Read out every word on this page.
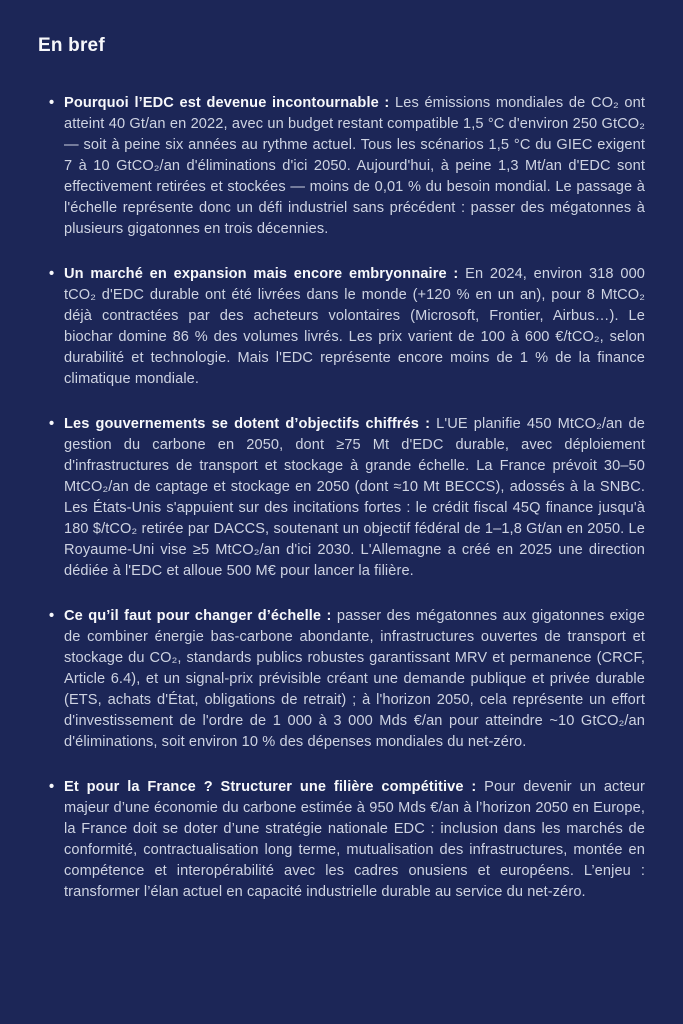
En bref
• Pourquoi l’EDC est devenue incontournable : Les émissions mondiales de CO₂ ont atteint 40 Gt/an en 2022, avec un budget restant compatible 1,5 °C d'environ 250 GtCO₂ — soit à peine six années au rythme actuel. Tous les scénarios 1,5 °C du GIEC exigent 7 à 10 GtCO₂/an d'éliminations d'ici 2050. Aujourd'hui, à peine 1,3 Mt/an d'EDC sont effectivement retirées et stockées — moins de 0,01 % du besoin mondial. Le passage à l'échelle représente donc un défi industriel sans précédent : passer des mégatonnes à plusieurs gigatonnes en trois décennies.
• Un marché en expansion mais encore embryonnaire : En 2024, environ 318 000 tCO₂ d'EDC durable ont été livrées dans le monde (+120 % en un an), pour 8 MtCO₂ déjà contractées par des acheteurs volontaires (Microsoft, Frontier, Airbus…). Le biochar domine 86 % des volumes livrés. Les prix varient de 100 à 600 €/tCO₂, selon durabilité et technologie. Mais l'EDC représente encore moins de 1 % de la finance climatique mondiale.
• Les gouvernements se dotent d’objectifs chiffrés : L'UE planifie 450 MtCO₂/an de gestion du carbone en 2050, dont ≥75 Mt d'EDC durable, avec déploiement d'infrastructures de transport et stockage à grande échelle. La France prévoit 30–50 MtCO₂/an de captage et stockage en 2050 (dont ≈10 Mt BECCS), adossés à la SNBC. Les États-Unis s'appuient sur des incitations fortes : le crédit fiscal 45Q finance jusqu'à 180 $/tCO₂ retirée par DACCS, soutenant un objectif fédéral de 1–1,8 Gt/an en 2050. Le Royaume-Uni vise ≥5 MtCO₂/an d'ici 2030. L'Allemagne a créé en 2025 une direction dédiée à l'EDC et alloue 500 M€ pour lancer la filière.
• Ce qu’il faut pour changer d’échelle : passer des mégatonnes aux gigatonnes exige de combiner énergie bas-carbone abondante, infrastructures ouvertes de transport et stockage du CO₂, standards publics robustes garantissant MRV et permanence (CRCF, Article 6.4), et un signal-prix prévisible créant une demande publique et privée durable (ETS, achats d'État, obligations de retrait) ; à l'horizon 2050, cela représente un effort d'investissement de l'ordre de 1 000 à 3 000 Mds €/an pour atteindre ~10 GtCO₂/an d'éliminations, soit environ 10 % des dépenses mondiales du net-zéro.
• Et pour la France ? Structurer une filière compétitive : Pour devenir un acteur majeur d’une économie du carbone estimée à 950 Mds €/an à l’horizon 2050 en Europe, la France doit se doter d’une stratégie nationale EDC : inclusion dans les marchés de conformité, contractualisation long terme, mutualisation des infrastructures, montée en compétence et interopérabilité avec les cadres onusiens et européens. L’enjeu : transformer l’élan actuel en capacité industrielle durable au service du net-zéro.
